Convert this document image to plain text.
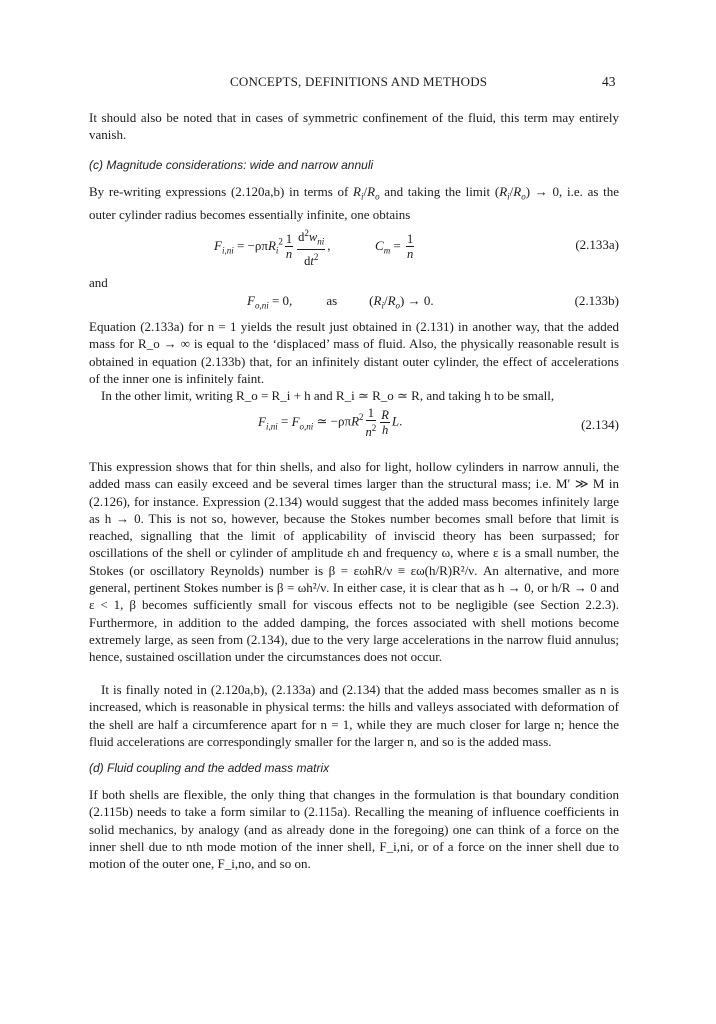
CONCEPTS, DEFINITIONS AND METHODS	43
It should also be noted that in cases of symmetric confinement of the fluid, this term may entirely vanish.
(c) Magnitude considerations: wide and narrow annuli
By re-writing expressions (2.120a,b) in terms of $R_i/R_o$ and taking the limit $(R_i/R_o) \to 0$, i.e. as the outer cylinder radius becomes essentially infinite, one obtains
$F_{i,ni} = -\rho\pi R_i^2 \frac{1}{n} \frac{d^2w_{ni}}{dt^2}$ ,	$C_m = \frac{1}{n}$	(2.133a)
and
$F_{o,ni} = 0$,	as $(R_i/R_o) \to 0$.	(2.133b)
Equation (2.133a) for n = 1 yields the result just obtained in (2.131) in another way, that the added mass for R_o → ∞ is equal to the ‘displaced’ mass of fluid. Also, the physically reasonable result is obtained in equation (2.133b) that, for an infinitely distant outer cylinder, the effect of accelerations of the inner one is infinitely faint.
In the other limit, writing R_o = R_i + h and R_i ≃ R_o ≃ R, and taking h to be small,
$F_{i,ni} = F_{o,ni}$ ≃ $-\rho\pi R^2 \frac{1}{n^2} \frac{R}{h} L$.	(2.134)
This expression shows that for thin shells, and also for light, hollow cylinders in narrow annuli, the added mass can easily exceed and be several times larger than the structural mass; i.e. M′ ≫ M in (2.126), for instance. Expression (2.134) would suggest that the added mass becomes infinitely large as h → 0. This is not so, however, because the Stokes number becomes small before that limit is reached, signalling that the limit of applicability of inviscid theory has been surpassed; for oscillations of the shell or cylinder of amplitude εh and frequency ω, where ε is a small number, the Stokes (or oscillatory Reynolds) number is β = εωhR/ν ≡ εω(h/R)R²/ν. An alternative, and more general, pertinent Stokes number is β = ωh²/ν. In either case, it is clear that as h → 0, or h/R → 0 and ε < 1, β becomes sufficiently small for viscous effects not to be negligible (see Section 2.2.3). Furthermore, in addition to the added damping, the forces associated with shell motions become extremely large, as seen from (2.134), due to the very large accelerations in the narrow fluid annulus; hence, sustained oscillation under the circumstances does not occur.
It is finally noted in (2.120a,b), (2.133a) and (2.134) that the added mass becomes smaller as n is increased, which is reasonable in physical terms: the hills and valleys associated with deformation of the shell are half a circumference apart for n = 1, while they are much closer for large n; hence the fluid accelerations are correspondingly smaller for the larger n, and so is the added mass.
(d) Fluid coupling and the added mass matrix
If both shells are flexible, the only thing that changes in the formulation is that boundary condition (2.115b) needs to take a form similar to (2.115a). Recalling the meaning of influence coefficients in solid mechanics, by analogy (and as already done in the foregoing) one can think of a force on the inner shell due to nth mode motion of the inner shell, F_i,ni, or of a force on the inner shell due to motion of the outer one, F_i,no, and so on.
